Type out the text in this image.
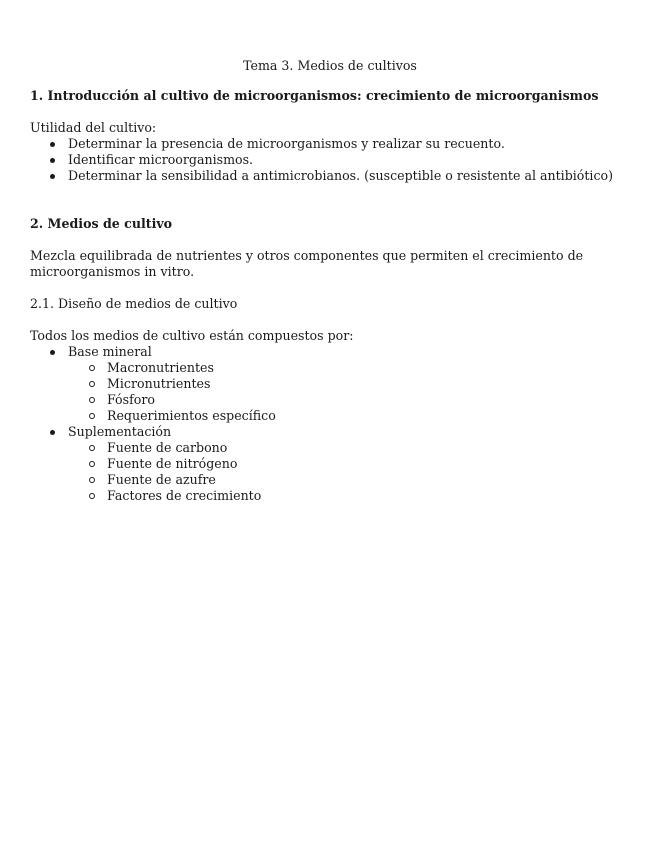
Tema 3. Medios de cultivos

1. Introducción al cultivo de microorganismos: crecimiento de microorganismos

Utilidad del cultivo:

Determinar la presencia de microorganismos y realizar su recuento.
Identificar microorganismos.
Determinar la sensibilidad a antimicrobianos. (susceptible o resistente al antibiótico)
2. Medios de cultivo

Mezcla equilibrada de nutrientes y otros componentes que permiten el crecimiento de microorganismos in vitro.

2.1. Diseño de medios de cultivo

Todos los medios de cultivo están compuestos por:

Base mineral
Macronutrientes
Micronutrientes
Fósforo
Requerimientos específico
Suplementación
Fuente de carbono
Fuente de nitrógeno
Fuente de azufre
Factores de crecimiento
